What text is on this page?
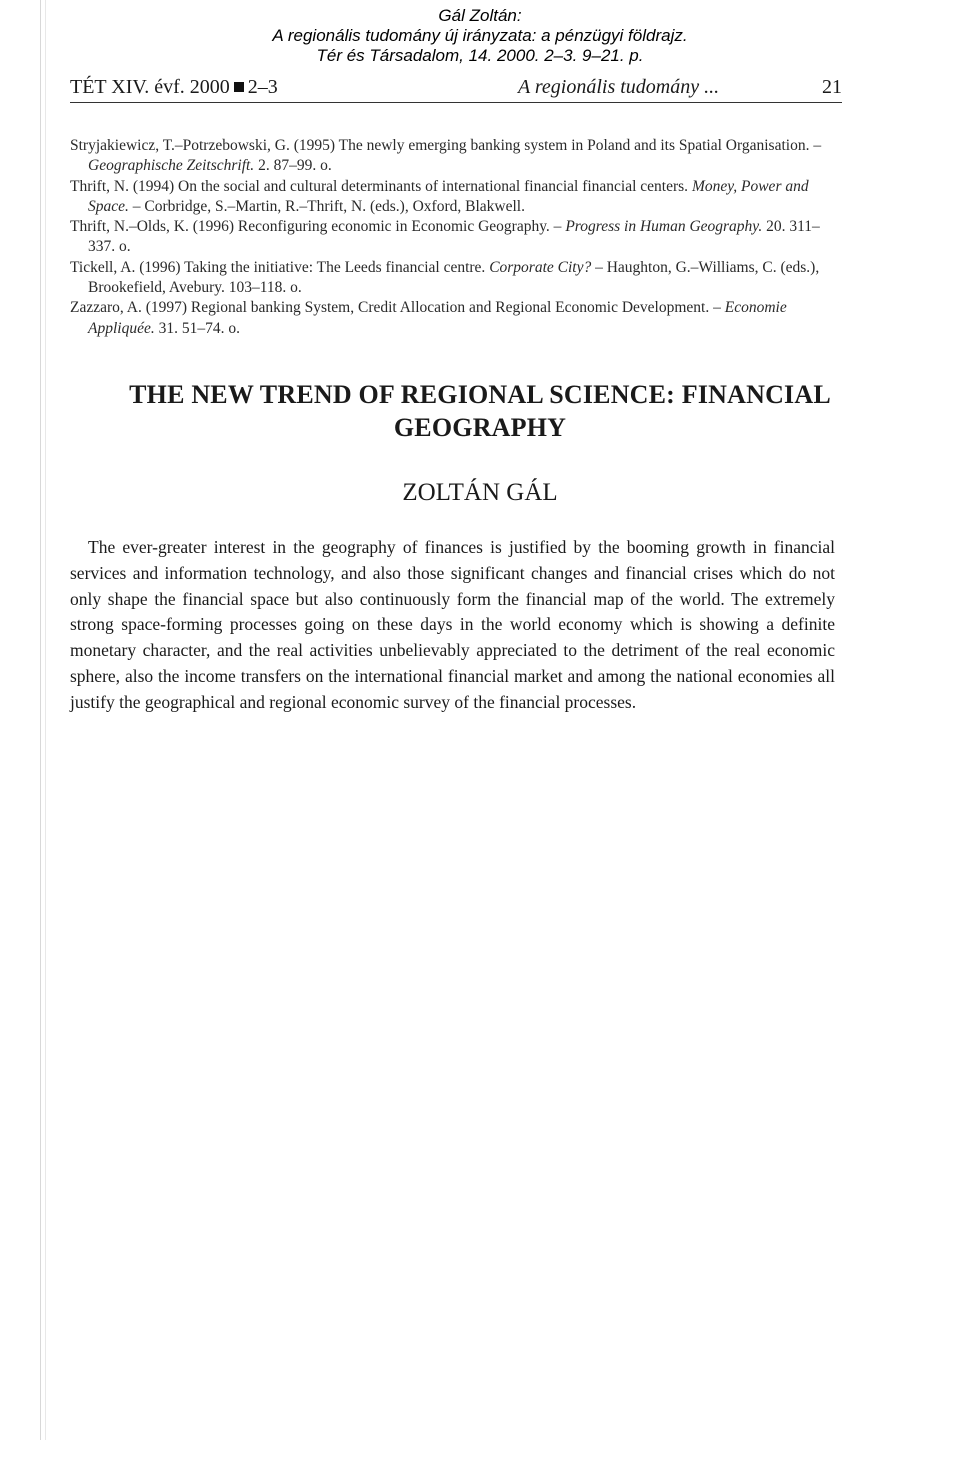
Gál Zoltán:
A regionális tudomány új irányzata: a pénzügyi földrajz.
Tér és Társadalom, 14. 2000. 2–3. 9–21. p.
TÉT XIV. évf. 2000 2–3	A regionális tudomány ...	21

Stryjakiewicz, T.–Potrzebowski, G. (1995) The newly emerging banking system in Poland and its Spatial Organisation. – Geographische Zeitschrift. 2. 87–99. o.

Thrift, N. (1994) On the social and cultural determinants of international financial financial centers. Money, Power and Space. – Corbridge, S.–Martin, R.–Thrift, N. (eds.), Oxford, Blakwell.

Thrift, N.–Olds, K. (1996) Reconfiguring economic in Economic Geography. – Progress in Human Geography. 20. 311–337. o.

Tickell, A. (1996) Taking the initiative: The Leeds financial centre. Corporate City? – Haughton, G.–Williams, C. (eds.), Brookefield, Avebury. 103–118. o.

Zazzaro, A. (1997) Regional banking System, Credit Allocation and Regional Economic Development. – Economie Appliquée. 31. 51–74. o.

THE NEW TREND OF REGIONAL SCIENCE: FINANCIAL
GEOGRAPHY
ZOLTÁN GÁL

The ever-greater interest in the geography of finances is justified by the booming growth in financial services and information technology, and also those significant changes and financial crises which do not only shape the financial space but also continuously form the financial map of the world. The extremely strong space-forming processes going on these days in the world economy which is showing a definite monetary character, and the real activities unbelievably appreciated to the detriment of the real economic sphere, also the income transfers on the international financial market and among the national economies all justify the geographical and regional economic survey of the financial processes.
